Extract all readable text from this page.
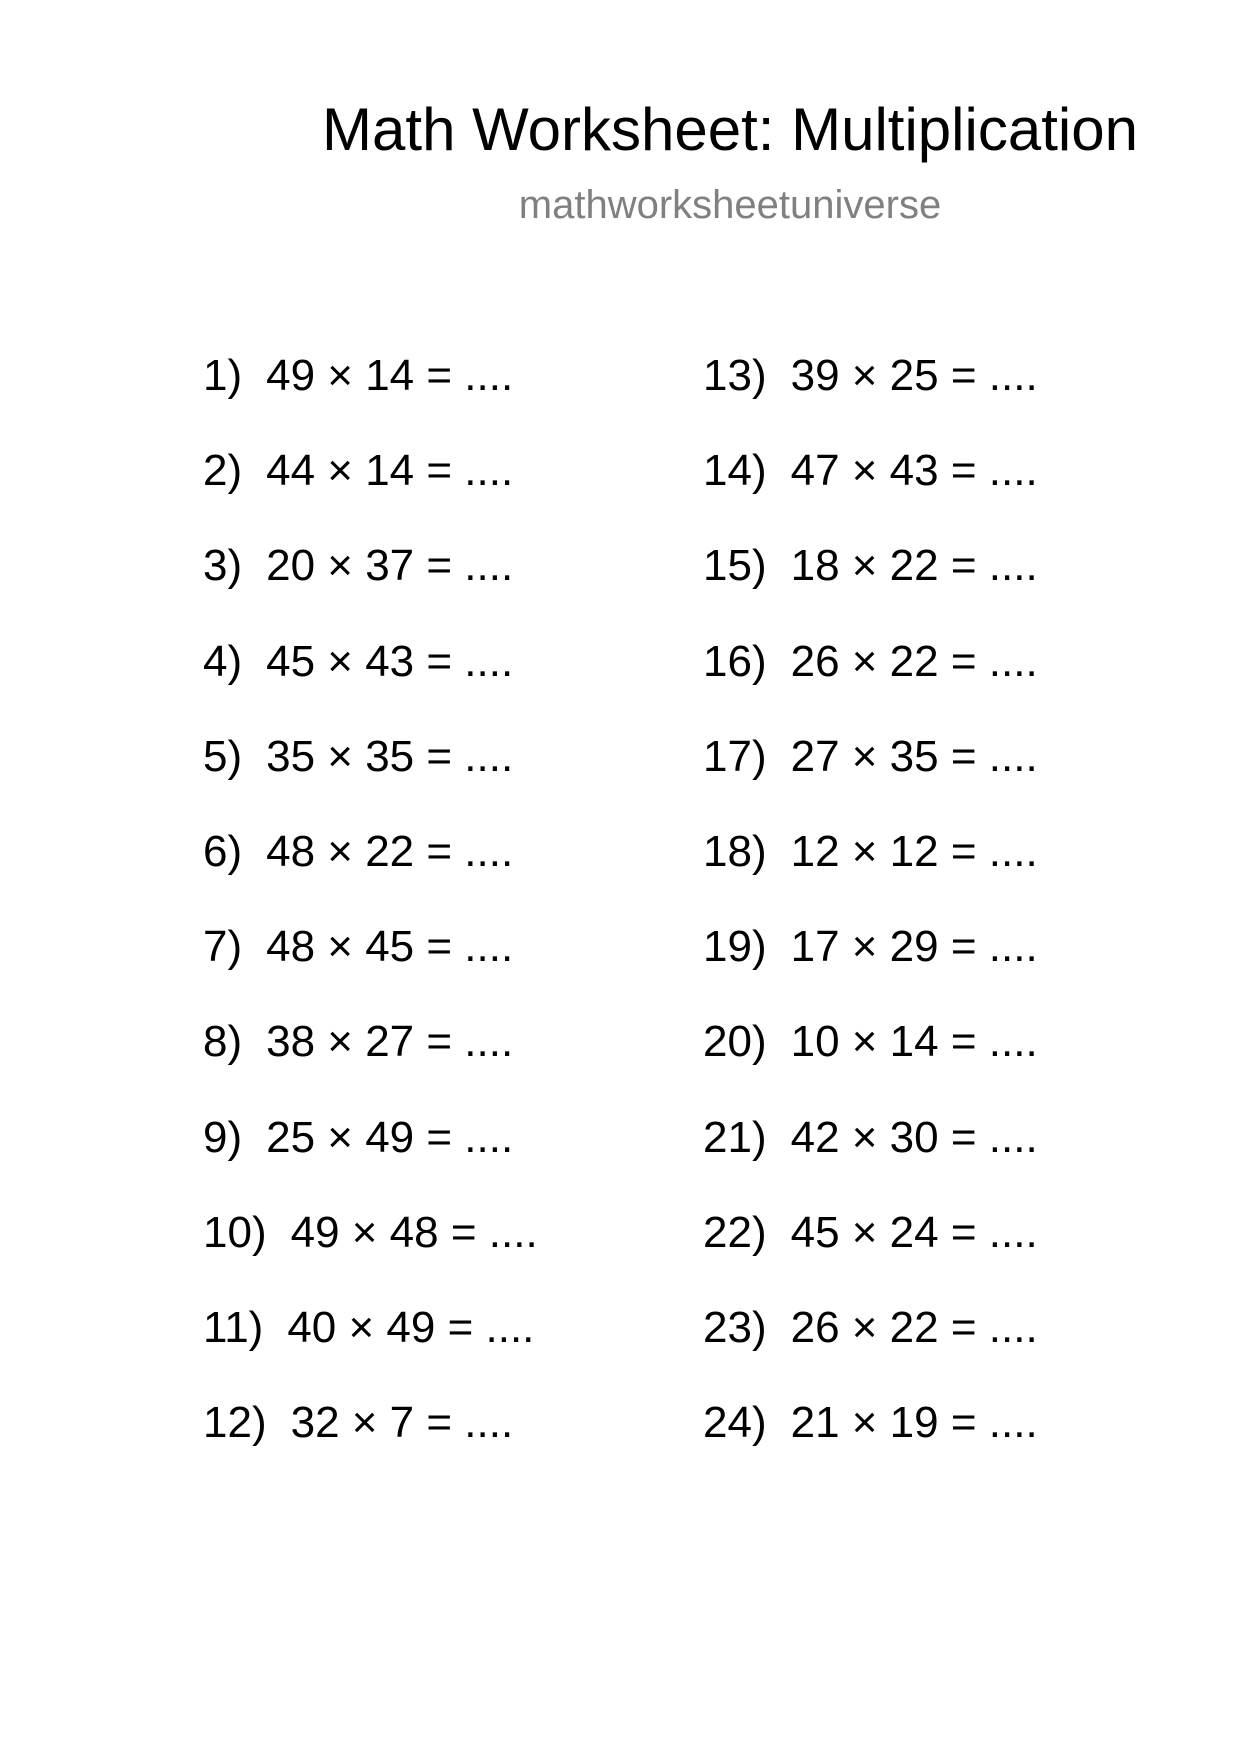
Math Worksheet: Multiplication
mathworksheetuniverse
1) 49 × 14 = ....
2) 44 × 14 = ....
3) 20 × 37 = ....
4) 45 × 43 = ....
5) 35 × 35 = ....
6) 48 × 22 = ....
7) 48 × 45 = ....
8) 38 × 27 = ....
9) 25 × 49 = ....
10) 49 × 48 = ....
11) 40 × 49 = ....
12) 32 × 7 = ....
13) 39 × 25 = ....
14) 47 × 43 = ....
15) 18 × 22 = ....
16) 26 × 22 = ....
17) 27 × 35 = ....
18) 12 × 12 = ....
19) 17 × 29 = ....
20) 10 × 14 = ....
21) 42 × 30 = ....
22) 45 × 24 = ....
23) 26 × 22 = ....
24) 21 × 19 = ....
